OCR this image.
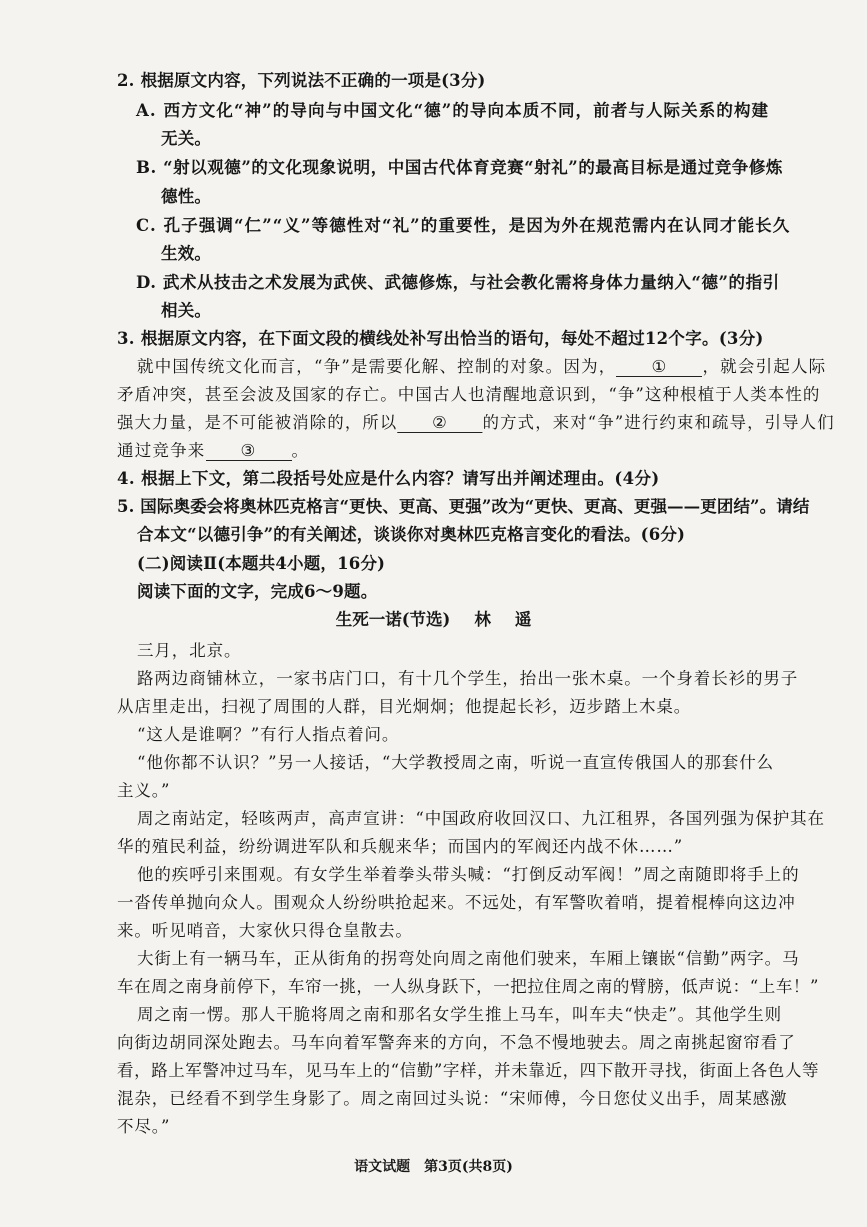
2. 根据原文内容，下列说法不正确的一项是(3分)
A. 西方文化“神”的导向与中国文化“德”的导向本质不同，前者与人际关系的构建
无关。
B. “射以观德”的文化现象说明，中国古代体育竞赛“射礼”的最高目标是通过竞争修炼
德性。
C. 孔子强调“仁”“义”等德性对“礼”的重要性，是因为外在规范需内在认同才能长久
生效。
D. 武术从技击之术发展为武侠、武德修炼，与社会教化需将身体力量纳入“德”的指引
相关。
3. 根据原文内容，在下面文段的横线处补写出恰当的语句，每处不超过12个字。(3分)
就中国传统文化而言，“争”是需要化解、控制的对象。因为， ① ，就会引起人际
矛盾冲突，甚至会波及国家的存亡。中国古人也清醒地意识到，“争”这种根植于人类本性的
强大力量，是不可能被消除的，所以 ② 的方式，来对“争”进行约束和疏导，引导人们
通过竞争来 ③ 。
4. 根据上下文，第二段括号处应是什么内容？请写出并阐述理由。(4分)
5. 国际奥委会将奥林匹克格言“更快、更高、更强”改为“更快、更高、更强——更团结”。请结
合本文“以德引争”的有关阐述，谈谈你对奥林匹克格言变化的看法。(6分)
(二)阅读Ⅱ(本题共4小题，16分)
阅读下面的文字，完成6～9题。
生死一诺(节选) 林 遥
三月，北京。
路两边商铺林立，一家书店门口，有十几个学生，抬出一张木桌。一个身着长衫的男子
从店里走出，扫视了周围的人群，目光炯炯；他提起长衫，迈步踏上木桌。
“这人是谁啊？”有行人指点着问。
“他你都不认识？”另一人接话，“大学教授周之南，听说一直宣传俄国人的那套什么
主义。”
周之南站定，轻咳两声，高声宣讲：“中国政府收回汉口、九江租界，各国列强为保护其在
华的殖民利益，纷纷调进军队和兵舰来华；而国内的军阀还内战不休……”
他的疾呼引来围观。有女学生举着拳头带头喊：“打倒反动军阀！”周之南随即将手上的
一沓传单抛向众人。围观众人纷纷哄抢起来。不远处，有军警吹着哨，提着棍棒向这边冲
来。听见哨音，大家伙只得仓皇散去。
大街上有一辆马车，正从街角的拐弯处向周之南他们驶来，车厢上镶嵌“信勤”两字。马
车在周之南身前停下，车帘一挑，一人纵身跃下，一把拉住周之南的臂膀，低声说：“上车！”
周之南一愣。那人干脆将周之南和那名女学生推上马车，叫车夫“快走”。其他学生则
向街边胡同深处跑去。马车向着军警奔来的方向，不急不慢地驶去。周之南挑起窗帘看了
看，路上军警冲过马车，见马车上的“信勤”字样，并未靠近，四下散开寻找，街面上各色人等
混杂，已经看不到学生身影了。周之南回过头说：“宋师傅，今日您仗义出手，周某感激
不尽。”
语文试题　第3页(共8页)
